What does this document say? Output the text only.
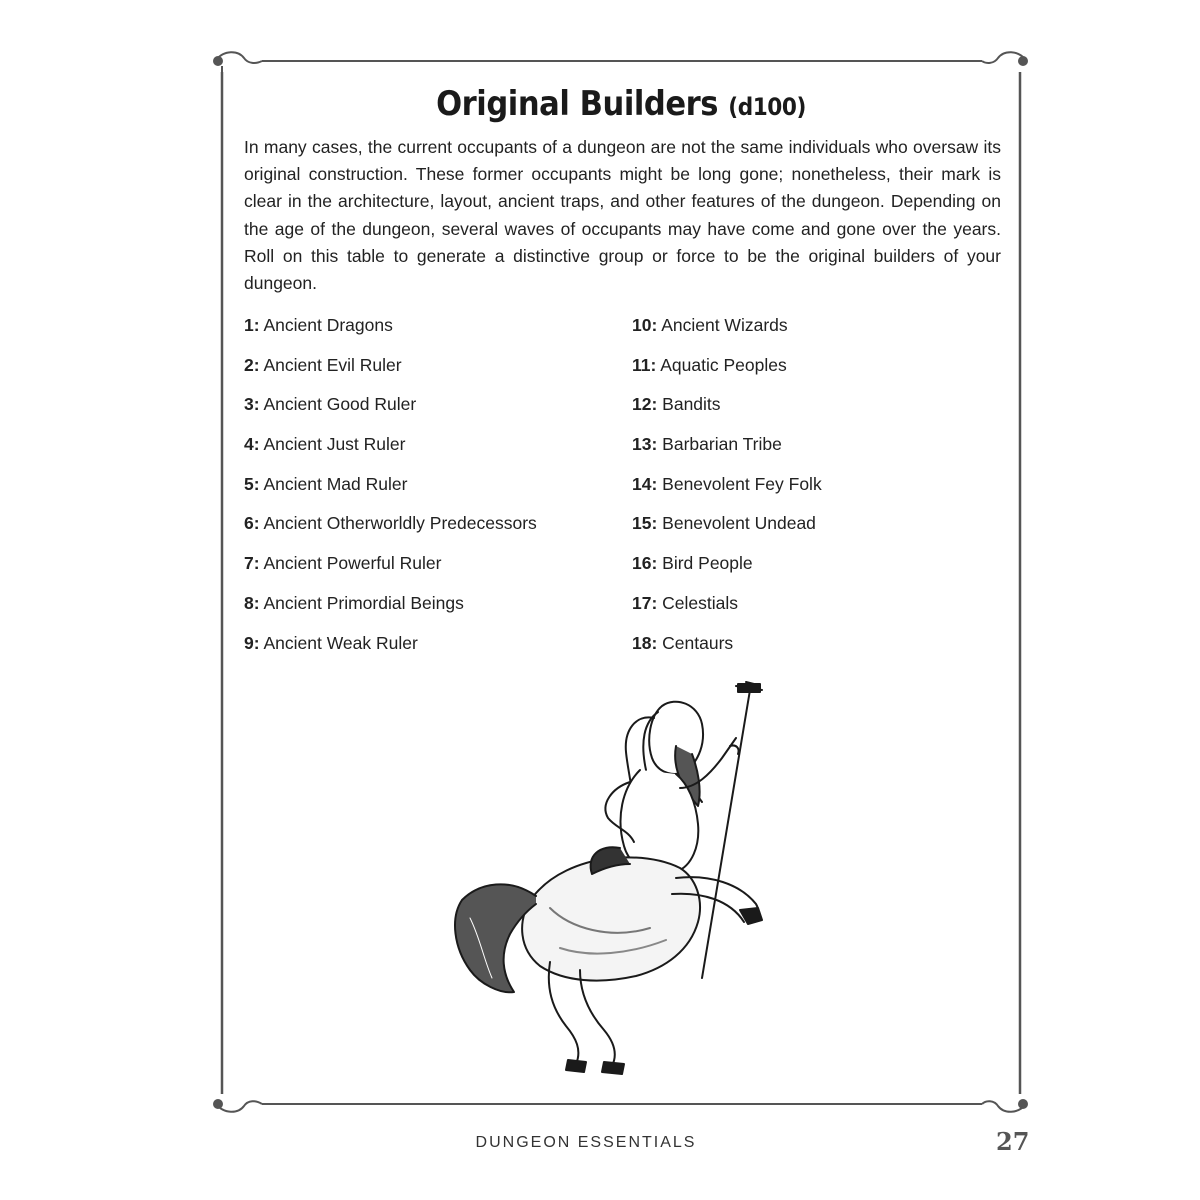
Original Builders (d100)

In many cases, the current occupants of a dungeon are not the same individuals who oversaw its original construction. These former occupants might be long gone; nonetheless, their mark is clear in the architecture, layout, ancient traps, and other features of the dungeon. Depending on the age of the dungeon, several waves of occupants may have come and gone over the years. Roll on this table to generate a distinctive group or force to be the original builders of your dungeon.

1: Ancient Dragons
2: Ancient Evil Ruler
3: Ancient Good Ruler
4: Ancient Just Ruler
5: Ancient Mad Ruler
6: Ancient Otherworldly Predecessors
7: Ancient Powerful Ruler
8: Ancient Primordial Beings
9: Ancient Weak Ruler
10: Ancient Wizards
11: Aquatic Peoples
12: Bandits
13: Barbarian Tribe
14: Benevolent Fey Folk
15: Benevolent Undead
16: Bird People
17: Celestials
18: Centaurs

DUNGEON ESSENTIALS	27
